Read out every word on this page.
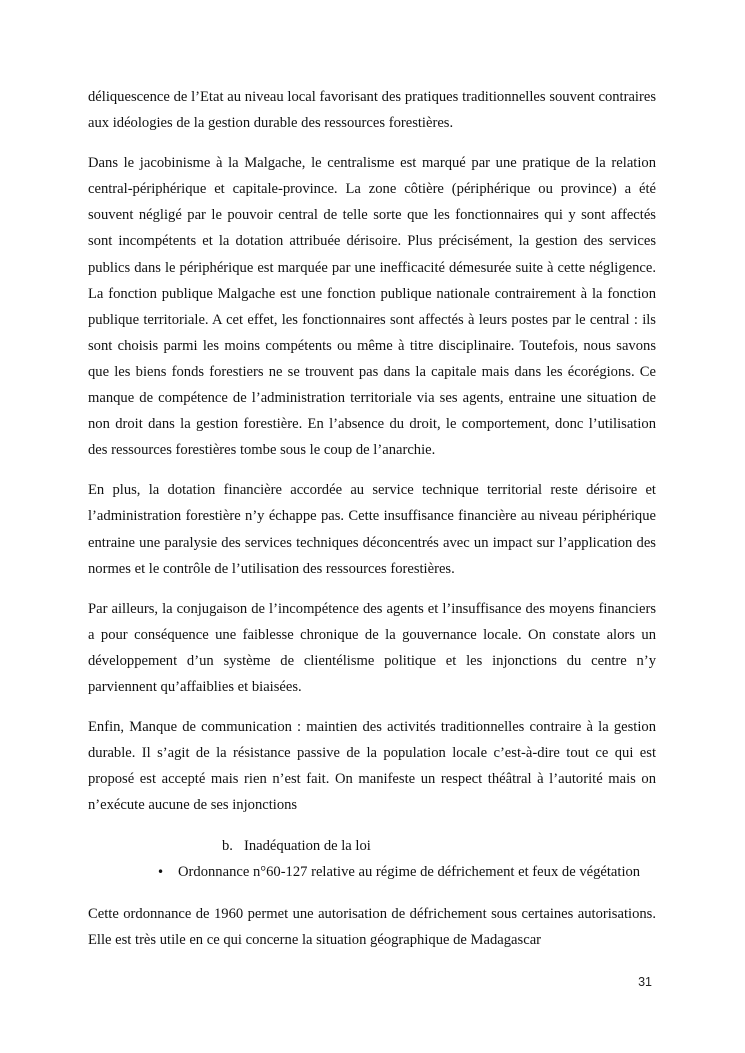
déliquescence de l’Etat au niveau local favorisant des pratiques traditionnelles souvent contraires aux idéologies de la gestion durable des ressources forestières.

Dans le jacobinisme à la Malgache, le centralisme est marqué par une pratique de la relation central-périphérique et capitale-province. La zone côtière (périphérique ou province) a été souvent négligé par le pouvoir central de telle sorte que les fonctionnaires qui y sont affectés sont incompétents et la dotation attribuée dérisoire. Plus précisément, la gestion des services publics dans le périphérique est marquée par une inefficacité démesurée suite à cette négligence. La fonction publique Malgache est une fonction publique nationale contrairement à la fonction publique territoriale. A cet effet, les fonctionnaires sont affectés à leurs postes par le central : ils sont choisis parmi les moins compétents ou même à titre disciplinaire. Toutefois, nous savons que les biens fonds forestiers ne se trouvent pas dans la capitale mais dans les écorégions. Ce manque de compétence de l’administration territoriale via ses agents, entraine une situation de non droit dans la gestion forestière. En l’absence du droit, le comportement, donc l’utilisation des ressources forestières tombe sous le coup de l’anarchie.

En plus, la dotation financière accordée au service technique territorial reste dérisoire et l’administration forestière n’y échappe pas. Cette insuffisance financière au niveau périphérique entraine une paralysie des services techniques déconcentrés avec un impact sur l’application des normes et le contrôle de l’utilisation des ressources forestières.

Par ailleurs, la conjugaison de l’incompétence des agents et l’insuffisance des moyens financiers a pour conséquence une faiblesse chronique de la gouvernance locale. On constate alors un développement d’un système de clientélisme politique et les injonctions du centre n’y parviennent qu’affaiblies et biaisées.

Enfin, Manque de communication : maintien des activités traditionnelles contraire à la gestion durable. Il s’agit de la résistance passive de la population locale c’est-à-dire tout ce qui est proposé est accepté mais rien n’est fait. On manifeste un respect théâtral à l’autorité mais on n’exécute aucune de ses injonctions

b. Inadéquation de la loi
• Ordonnance n°60-127 relative au régime de défrichement et feux de végétation

Cette ordonnance de 1960 permet une autorisation de défrichement sous certaines autorisations. Elle est très utile en ce qui concerne la situation géographique de Madagascar

31
